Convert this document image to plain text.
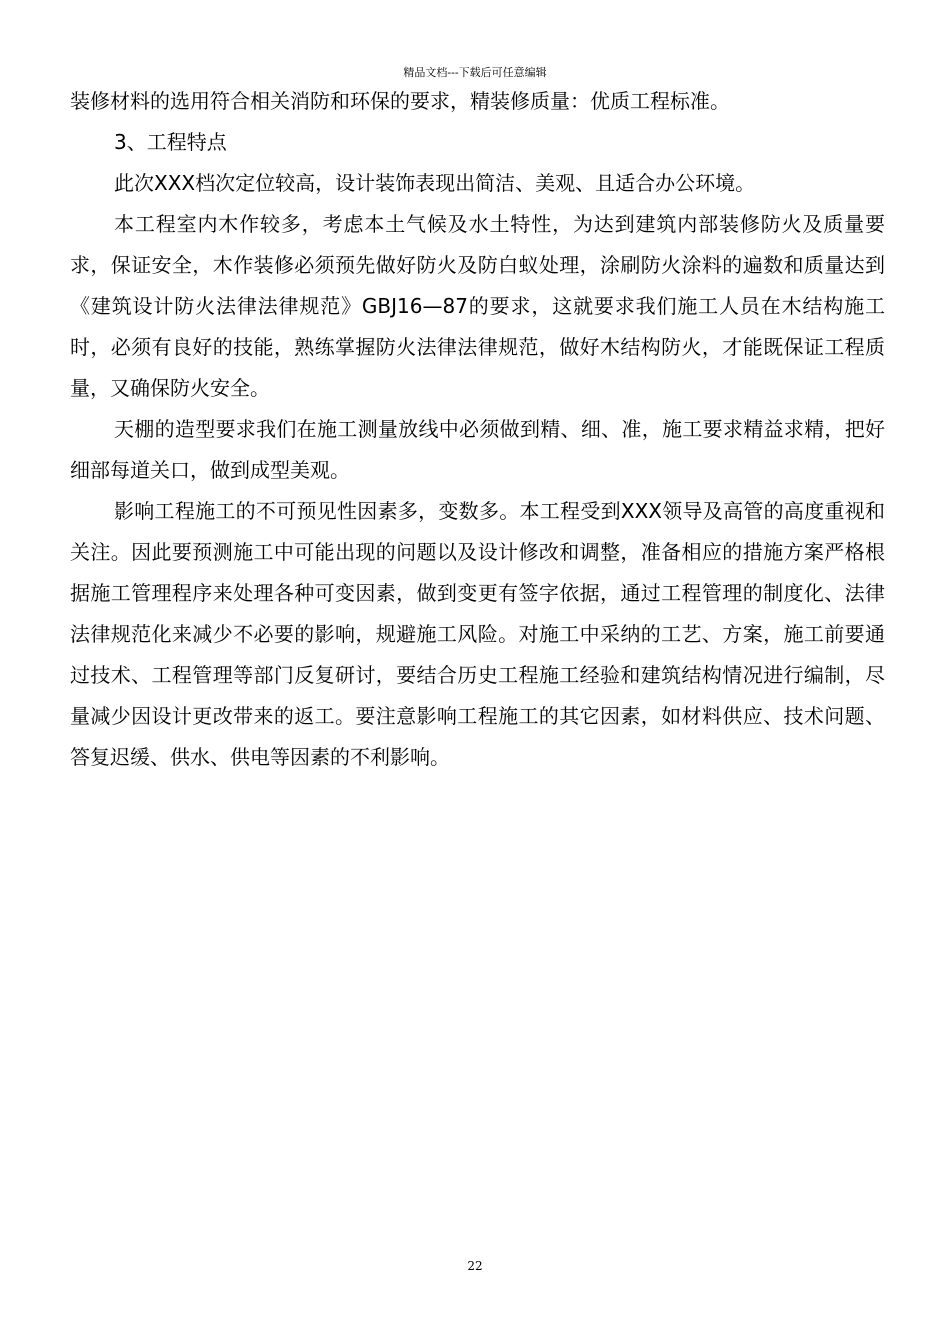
精品文档---下载后可任意编辑

装修材料的选用符合相关消防和环保的要求，精装修质量：优质工程标准。

3、工程特点

此次XXX档次定位较高，设计装饰表现出简洁、美观、且适合办公环境。

本工程室内木作较多，考虑本土气候及水土特性，为达到建筑内部装修防火及质量要求，保证安全，木作装修必须预先做好防火及防白蚁处理，涂刷防火涂料的遍数和质量达到《建筑设计防火法律法律规范》GBJ16—87的要求，这就要求我们施工人员在木结构施工时，必须有良好的技能，熟练掌握防火法律法律规范，做好木结构防火，才能既保证工程质量，又确保防火安全。

天棚的造型要求我们在施工测量放线中必须做到精、细、准，施工要求精益求精，把好细部每道关口，做到成型美观。

影响工程施工的不可预见性因素多，变数多。本工程受到XXX领导及高管的高度重视和关注。因此要预测施工中可能出现的问题以及设计修改和调整，准备相应的措施方案严格根据施工管理程序来处理各种可变因素，做到变更有签字依据，通过工程管理的制度化、法律法律规范化来减少不必要的影响，规避施工风险。对施工中采纳的工艺、方案，施工前要通过技术、工程管理等部门反复研讨，要结合历史工程施工经验和建筑结构情况进行编制，尽量减少因设计更改带来的返工。要注意影响工程施工的其它因素，如材料供应、技术问题、答复迟缓、供水、供电等因素的不利影响。

22
